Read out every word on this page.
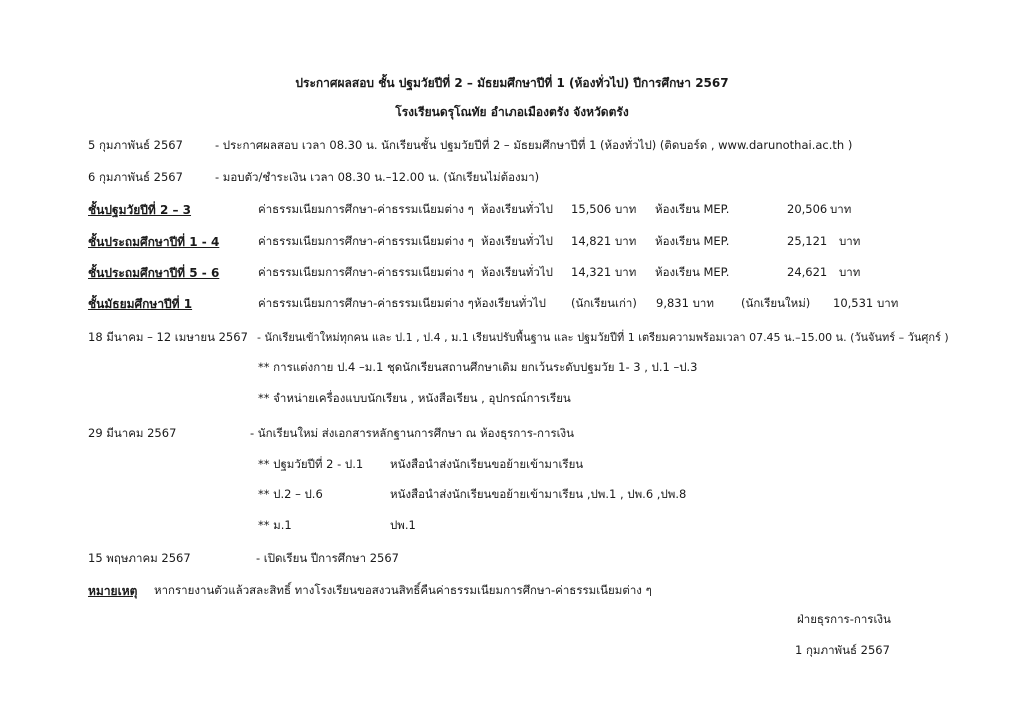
ประกาศผลสอบ ชั้น ปฐมวัยปีที่ 2 – มัธยมศึกษาปีที่ 1 (ห้องทั่วไป) ปีการศึกษา 2567
โรงเรียนดรุโณทัย อำเภอเมืองตรัง จังหวัดตรัง
5 กุมภาพันธ์ 2567	- ประกาศผลสอบ เวลา 08.30 น. นักเรียนชั้น ปฐมวัยปีที่ 2 – มัธยมศึกษาปีที่ 1 (ห้องทั่วไป) (ติดบอร์ด , www.darunothai.ac.th )
6 กุมภาพันธ์ 2567	- มอบตัว/ชำระเงิน เวลา 08.30 น.–12.00 น. (นักเรียนไม่ต้องมา)
ชั้นปฐมวัยปีที่ 2 – 3	ค่าธรรมเนียมการศึกษา-ค่าธรรมเนียมต่าง ๆ ห้องเรียนทั่วไป 15,506 บาท ห้องเรียน MEP.	20,506 บาท
ชั้นประถมศึกษาปีที่ 1 - 4	ค่าธรรมเนียมการศึกษา-ค่าธรรมเนียมต่าง ๆ ห้องเรียนทั่วไป 14,821 บาท ห้องเรียน MEP.	25,121 บาท
ชั้นประถมศึกษาปีที่ 5 - 6	ค่าธรรมเนียมการศึกษา-ค่าธรรมเนียมต่าง ๆ ห้องเรียนทั่วไป 14,321 บาท ห้องเรียน MEP.	24,621 บาท
ชั้นมัธยมศึกษาปีที่ 1	ค่าธรรมเนียมการศึกษา-ค่าธรรมเนียมต่าง ๆ ห้องเรียนทั่วไป (นักเรียนเก่า) 9,831 บาท (นักเรียนใหม่) 10,531 บาท
18 มีนาคม – 12 เมษายน 2567 - นักเรียนเข้าใหม่ทุกคน และ ป.1 , ป.4 , ม.1 เรียนปรับพื้นฐาน และ ปฐมวัยปีที่ 1 เตรียมความพร้อมเวลา 07.45 น.–15.00 น. (วันจันทร์ – วันศุกร์ )
** การแต่งกาย ป.4 –ม.1 ชุดนักเรียนสถานศึกษาเดิม ยกเว้นระดับปฐมวัย 1- 3 , ป.1 –ป.3
** จำหน่ายเครื่องแบบนักเรียน , หนังสือเรียน , อุปกรณ์การเรียน
29 มีนาคม 2567	- นักเรียนใหม่ ส่งเอกสารหลักฐานการศึกษา ณ ห้องธุรการ-การเงิน
** ปฐมวัยปีที่ 2 - ป.1 หนังสือนำส่งนักเรียนขอย้ายเข้ามาเรียน
** ป.2 – ป.6	หนังสือนำส่งนักเรียนขอย้ายเข้ามาเรียน ,ปพ.1 , ปพ.6 ,ปพ.8
** ม.1	ปพ.1
15 พฤษภาคม 2567	- เปิดเรียน ปีการศึกษา 2567
หมายเหตุ หากรายงานตัวแล้วสละสิทธิ์ ทางโรงเรียนขอสงวนสิทธิ์คืนค่าธรรมเนียมการศึกษา-ค่าธรรมเนียมต่าง ๆ
ฝ่ายธุรการ-การเงิน
1 กุมภาพันธ์ 2567
